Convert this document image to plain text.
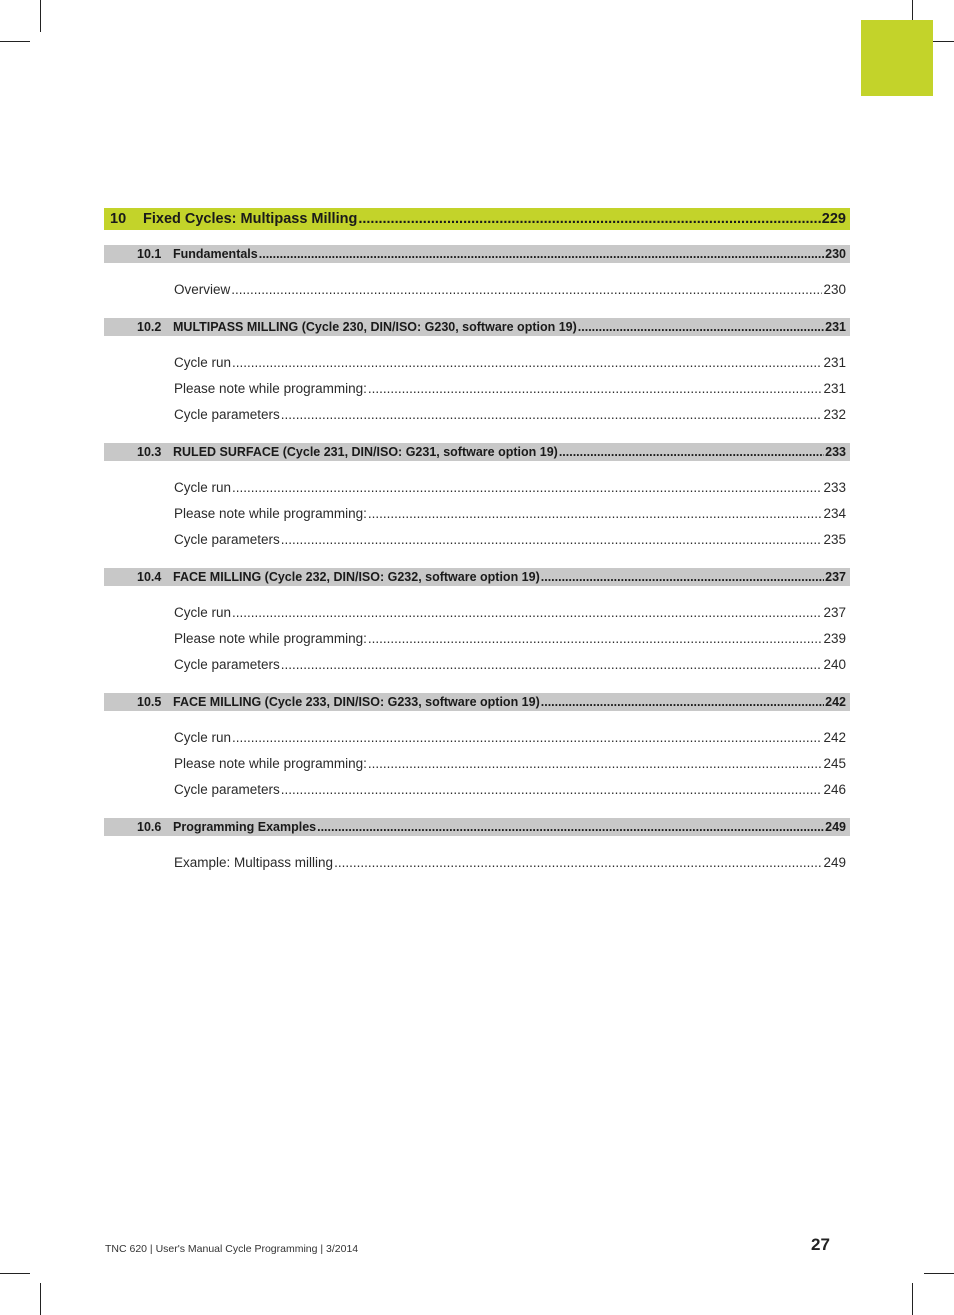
10	Fixed Cycles: Multipass Milling .....	229
10.1 Fundamentals .....	230
Overview .....	230
10.2 MULTIPASS MILLING (Cycle 230, DIN/ISO: G230, software option 19) .....	231
Cycle run .....	231
Please note while programming: .....	231
Cycle parameters .....	232
10.3 RULED SURFACE (Cycle 231, DIN/ISO: G231, software option 19) .....	233
Cycle run .....	233
Please note while programming: .....	234
Cycle parameters .....	235
10.4 FACE MILLING (Cycle 232, DIN/ISO: G232, software option 19) .....	237
Cycle run .....	237
Please note while programming: .....	239
Cycle parameters .....	240
10.5 FACE MILLING (Cycle 233, DIN/ISO: G233, software option 19) .....	242
Cycle run .....	242
Please note while programming: .....	245
Cycle parameters .....	246
10.6 Programming Examples .....	249
Example: Multipass milling .....	249
TNC 620 | User's Manual Cycle Programming | 3/2014	27
